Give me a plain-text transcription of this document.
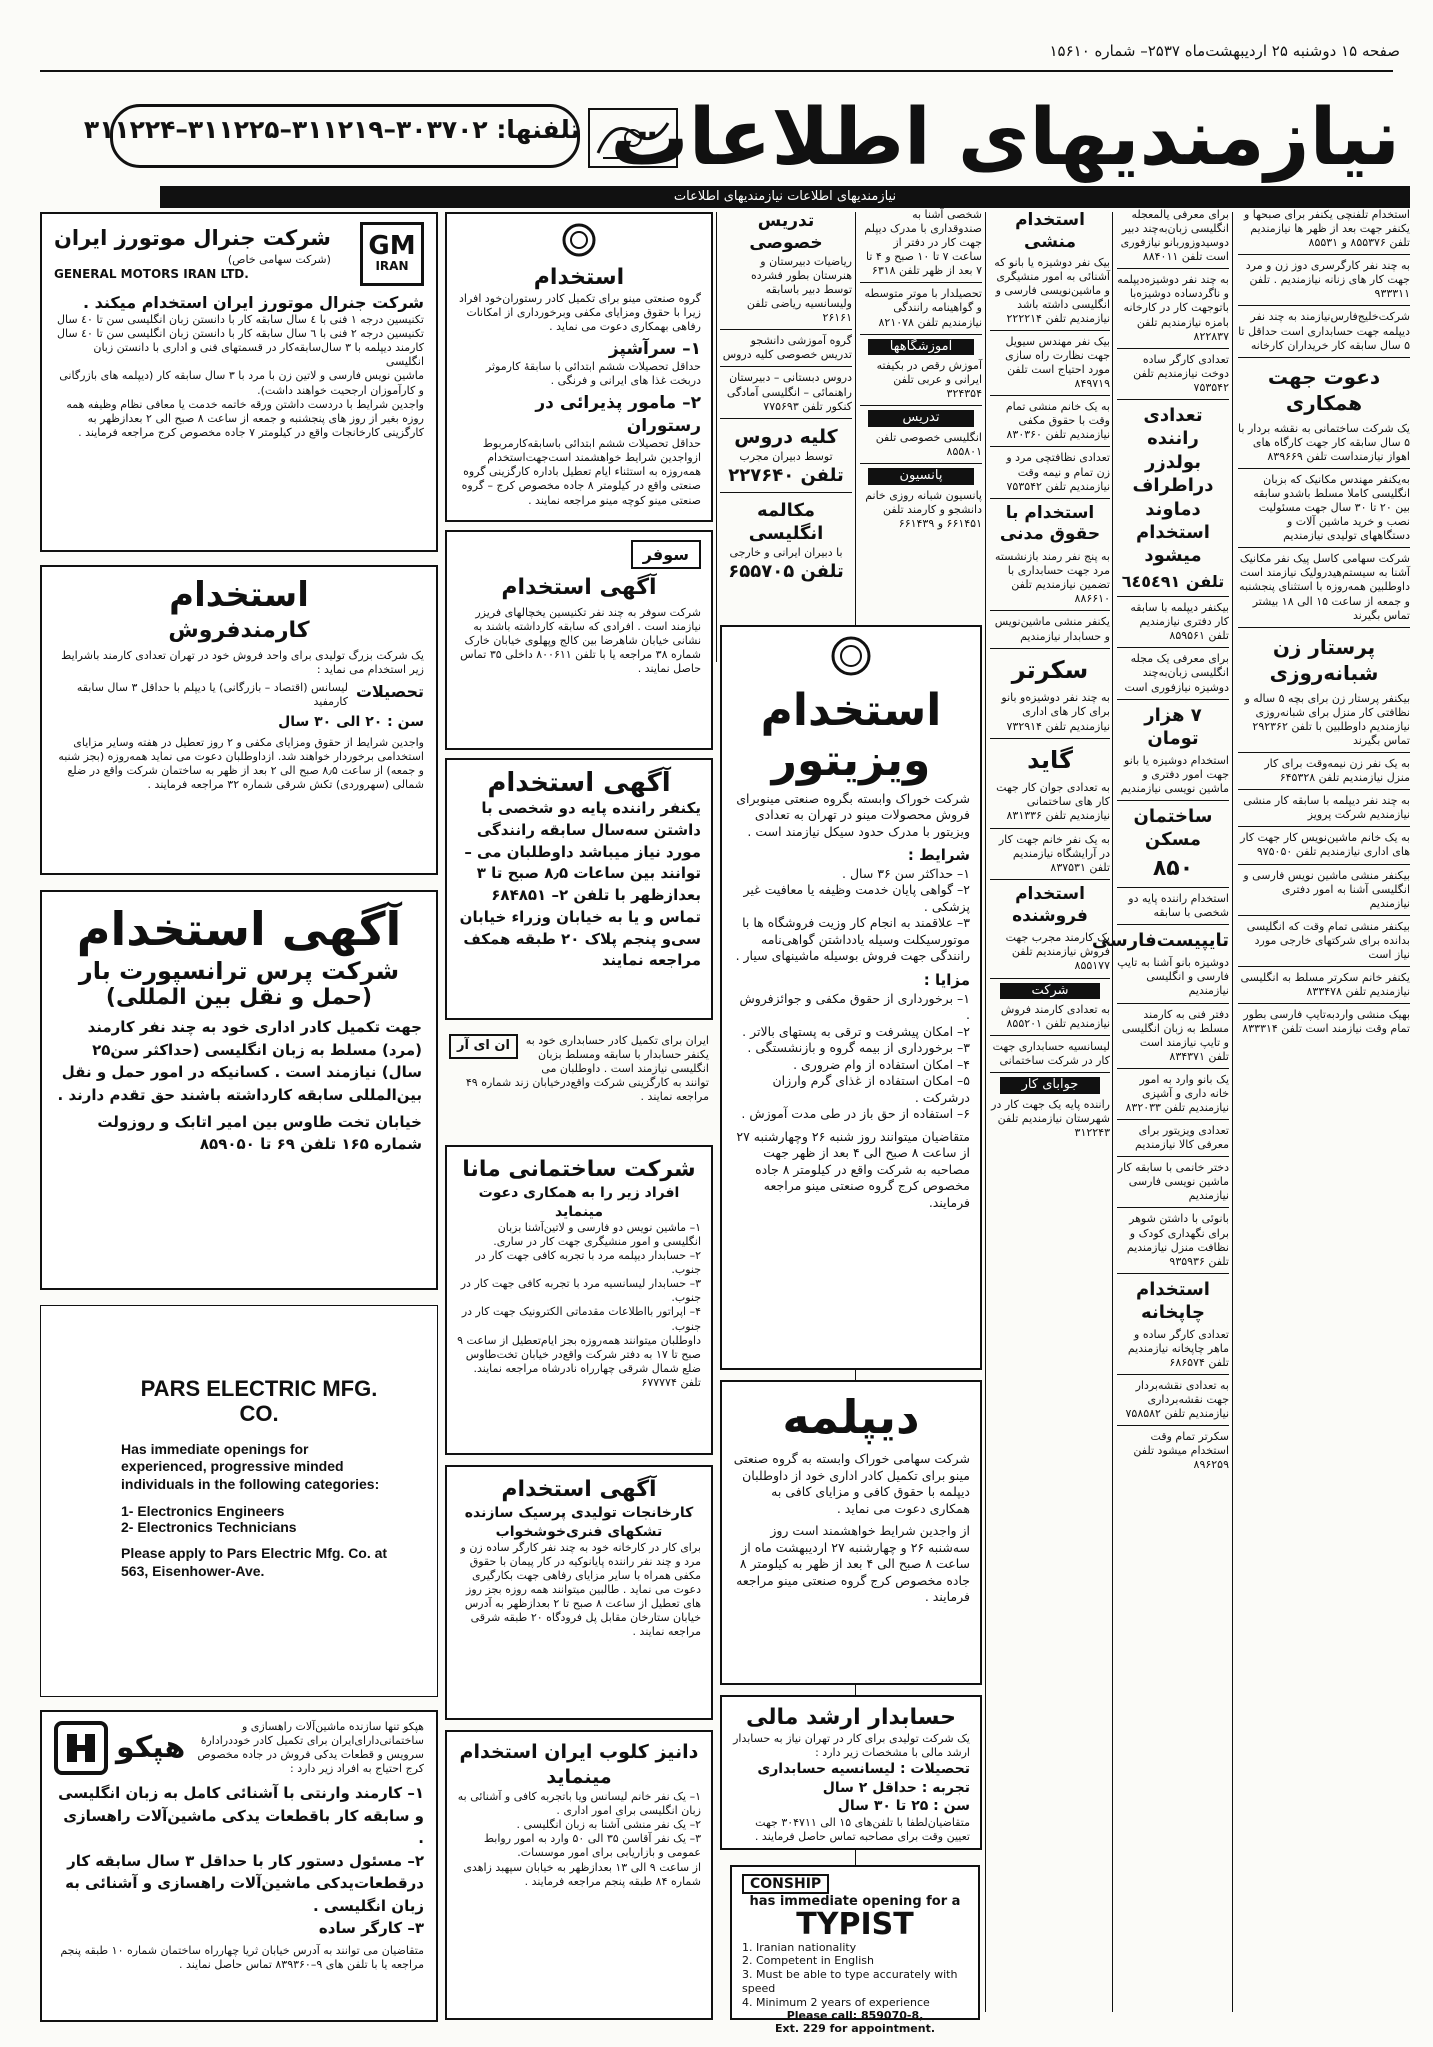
صفحه ۱۵ دوشنبه ۲۵ اردیبهشت‌ماه ۲۵۳۷– شماره ۱۵۶۱۰
نیازمندیهای اطلاعات
تلفنها: ۳۰۳۷۰۲–۳۱۱۲۱۹–۳۱۱۲۲۵–۳۱۱۲۲۴
نیازمندیهای اطلاعات نیازمندیهای اطلاعات

استخدام تلفنچی یکنفر برای صبحها و یکنفر جهت بعد از ظهر ها نیازمندیم تلفن ۸۵۵۳۷۶ و ۸۵۵۳۱

به چند نفر کارگرسری دوز زن و مرد جهت کار های زنانه نیازمندیم . تلفن ۹۳۳۳۱۱

شرکت‌خلیج‌فارس‌نیازمند به چند نفر دیپلمه جهت حسابداری است حداقل تا ۵ سال سابقه کار خریداران کارخانه

دعوت جهت همکاری

یک شرکت ساختمانی به نقشه بردار با ۵ سال سابقه کار جهت کارگاه های اهواز نیازمنداست تلفن ۸۳۹۶۶۹

به‌یکنفر مهندس مکانیک که بزبان انگلیسی کاملا مسلط باشدو سابقه بین ۲۰ تا ۳۰ سال جهت مسئولیت نصب و خرید ماشین آلات و دستگاههای تولیدی نیازمندیم

شرکت سهامی کاسل پیک نفر مکانیک آشنا به سیستم‌هیدرولیک نیازمند است داوطلبین همه‌روزه با استثنای پنجشنبه و جمعه از ساعت ۱۵ الی ۱۸ بیشتر تماس بگیرند

پرستار زن شبانه‌روزی

بیکنفر پرستار زن برای بچه ۵ ساله و نظافتی کار منزل برای شبانه‌روزی نیازمندیم داوطلبین با تلفن ۲۹۲۳۶۲ تماس بگیرند

به یک نفر زن نیمه‌وقت برای کار منزل نیازمندیم تلفن ۶۴۵۳۲۸

به چند نفر دیپلمه با سابقه کار منشی نیازمندیم شرکت پرویز

به یک خانم ماشین‌نویس کار جهت کار های اداری نیازمندیم تلفن ۹۷۵۰۵۰

بیکنفر منشی ماشین نویس فارسی و انگلیسی آشنا به امور دفتری نیازمندیم

بیکنفر منشی تمام وقت که انگلیسی بدانده برای شرکتهای خارجی مورد نیاز است

یکنفر خانم سکرتر مسلط به انگلیسی نیازمندیم تلفن ۸۳۳۴۷۸

بهیک منشی واردبه‌تایپ فارسی بطور تمام وقت نیازمند است تلفن ۸۳۳۳۱۴

برای معرفی یالمعجله انگلیسی زبان‌به‌چند دبیر دوسیدوزوربانو نیازفوری است تلفن ۸۸۴۰۱۱

به چند نفر دوشیزه‌دیپلمه و ناگردساده دوشیزه‌با باتوجهت کار در کارخانه بامزه نیازمندیم تلفن ۸۲۲۸۳۷

تعدادی کارگر ساده دوخت نیازمندیم تلفن ۷۵۳۵۴۲

تعدادی راننده بولدزر دراطراف دماوند استخدام میشود

تلفن ٦٤٥٤٩١

بیکنفر دیپلمه با سابقه کار دفتری نیازمندیم تلفن ۸۵۹۵۶۱

برای معرفی یک مجله انگلیسی زبان‌به‌چند دوشیزه نیازفوری است

۷ هزار تومان

استخدام دوشیزه یا بانو جهت امور دفتری و ماشین نویسی نیازمندیم

ساختمان مسکن

۸۵۰

استخدام راننده پایه دو شخصی با سابقه

تایپیست‌فارسی

دوشیزه بانو آشنا به تایپ فارسی و انگلیسی نیازمندیم

دفتر فنی به کارمند مسلط به زبان انگلیسی و تایپ نیازمند است تلفن ۸۳۴۳۷۱

یک بانو وارد به امور خانه داری و آشپزی نیازمندیم تلفن ۸۳۲۰۳۳

تعدادی ویزیتور برای معرفی کالا نیازمندیم

دختر خانمی با سابقه کار ماشین نویسی فارسی نیازمندیم

بانوئی با داشتن شوهر برای نگهداری کودک و نظافت منزل نیازمندیم تلفن ۹۳۵۹۳۶

استخدام چاپخانه

تعدادی کارگر ساده و ماهر چاپخانه نیازمندیم تلفن ۶۸۶۵۷۴

به تعدادی نقشه‌بردار جهت نقشه‌برداری نیازمندیم تلفن ۷۵۸۵۸۲

سکرتر تمام وقت استخدام میشود تلفن ۸۹۶۲۵۹

استخدام منشی

بیک نفر دوشیزه یا بانو که آشنائی به امور منشیگری و ماشین‌نویسی فارسی و انگلیسی داشته باشد نیازمندیم تلفن ۲۲۲۲۱۴

بیک نفر مهندس سیویل جهت نظارت راه سازی مورد احتیاج است تلفن ۸۴۹۷۱۹

به یک خانم منشی تمام وقت با حقوق مکفی نیازمندیم تلفن ۸۳۰۳۶۰

تعدادی نظافتچی مرد و زن تمام و نیمه وقت نیازمندیم تلفن ۷۵۳۵۴۲

استخدام با حقوق مدنی

به پنج نفر رمند بازنشسته مرد جهت حسابداری با تضمین نیازمندیم تلفن ۸۸۶۶۱۰

یکنفر منشی ماشین‌نویس و حسابدار نیازمندیم

سکرتر

به چند نفر دوشیزه‌و بانو برای کار های اداری نیازمندیم تلفن ۷۳۲۹۱۴

گاید

به تعدادی جوان کار جهت کار های ساختمانی نیازمندیم تلفن ۸۳۱۳۳۶

به یک نفر خانم جهت کار در آرایشگاه نیازمندیم تلفن ۸۳۷۵۳۱

استخدام فروشنده

یک کارمند مجرب جهت فروش نیازمندیم تلفن ۸۵۵۱۷۷

شرکت

به تعدادی کارمند فروش نیازمندیم تلفن ۸۵۵۲۰۱

لیسانسیه حسابداری جهت کار در شرکت ساختمانی

جوابای کار

راننده پایه یک جهت کار در شهرستان نیازمندیم تلفن ۳۱۲۲۴۳

شخصی آشنا به صندوقداری با مدرک دیپلم جهت کار در دفتر از ساعت ۷ تا ۱۰ صبح و ۴ تا ۷ بعد از ظهر تلفن ۶۳۱۸

تحصیلدار با موتر متوسطه و گواهینامه رانندگی نیازمندیم تلفن ۸۲۱۰۷۸

آموزشگاهها

آموزش رقص در بکیفته ایرانی و عربی تلفن ۳۲۴۳۵۴

تدریس

انگلیسی خصوصی تلفن ۸۵۵۸۰۱

پانسیون

پانسیون شبانه روزی خانم دانشجو و کارمند تلفن ۶۶۱۴۵۱ و ۶۶۱۴۳۹

تدریس خصوصی

ریاضیات دبیرستان و هنرستان بطور فشرده توسط دبیر باسابقه ولیسانسیه ریاضی تلفن ۲۶۱۶۱

گروه آموزشی دانشجو تدریس خصوصی کلیه دروس

دروس دبستانی – دبیرستان راهنمائی – انگلیسی آمادگی کنکور تلفن ۷۷۵۶۹۳

کلیه دروس

توسط دبیران مجرب

تلفن ۲۲۷۶۴۰

مکالمه انگلیسی

با دبیران ایرانی و خارجی

تلفن ۶۵۵۷۰۵

استخدام ویزیتور

شرکت خوراک وابسته بگروه صنعتی مینوبرای فروش محصولات مینو در تهران به تعدادی ویزیتور با مدرک حدود سیکل نیازمند است .

شرایط :

۱– حداکثر سن ۳۶ سال .
۲– گواهی پایان خدمت وظیفه یا معافیت غیر پزشکی .
۳– علاقمند به انجام کار وزیت فروشگاه ها با موتورسیکلت وسیله یادداشتن گواهی‌نامه رانندگی جهت فروش بوسیله ماشینهای سیار .

مزایا :

۱– برخورداری از حقوق مکفی و جوائزفروش .
۲– امکان پیشرفت و ترقی به پستهای بالاتر .
۳– برخورداری از بیمه گروه و بازنشستگی .
۴– امکان استفاده از وام ضروری .
۵– امکان استفاده از غذای گرم وارزان درشرکت .
۶– استفاده از حق باز در طی مدت آموزش .

متقاضیان میتوانند روز شنبه ۲۶ وچهارشنبه ۲۷ از ساعت ۸ صبح الی ۴ بعد از ظهر جهت مصاحبه به شرکت واقع در کیلومتر ۸ جاده مخصوص کرج گروه صنعتی مینو مراجعه فرمایند.

دیپلمه

شرکت سهامی خوراک وابسته به گروه صنعتی مینو برای تکمیل کادر اداری خود از داوطلبان دیپلمه با حقوق کافی و مزایای کافی به همکاری دعوت می نماید .

از واجدین شرایط خواهشمند است روز سه‌شنبه ۲۶ و چهارشنبه ۲۷ اردیبهشت ماه از ساعت ۸ صبح الی ۴ بعد از ظهر به کیلومتر ۸ جاده مخصوص کرج گروه صنعتی مینو مراجعه فرمایند .

حسابدار ارشد مالی

یک شرکت تولیدی برای کار در تهران نیاز به حسابدار ارشد مالی با مشخصات زیر دارد :

تحصیلات : لیسانسیه حسابداری

تجربه : حداقل ۲ سال

سن : ۲۵ تا ۳۰ سال

متقاضیان‌لطفا با تلفن‌های ۱۵ الی ۳۰۴۷۱۱ جهت تعیین وقت برای مصاحبه تماس حاصل فرمایند .

CONSHIP

has immediate opening for a

TYPIST

1. Iranian nationality
2. Competent in English
3. Must be able to type accurately with speed
4. Minimum 2 years of experience

Please call: 859070-8,

Ext. 229 for appointment.

استخدام

گروه صنعتی مینو برای تکمیل کادر رستوران‌خود افراد زیرا با حقوق ومزایای مکفی وبرخورداری از امکانات رفاهی بهمکاری دعوت می نماید .

۱– سرآشپز

حداقل تحصیلات ششم ابتدائی با سابقهٔ کارموثر دربخت غذا های ایرانی و فرنگی .

۲– مامور پذیرائی در رستوران

حداقل تحصیلات ششم ابتدائی باسابقه‌کارمربوط

ازواجدین شرایط خواهشمند است‌جهت‌استخدام همه‌روزه به استثناء ایام تعطیل باداره کارگزینی گروه صنعتی واقع در کیلومتر ۸ جاده مخصوص کرج – گروه صنعتی مینو کوچه مینو مراجعه نمایند .

سوفر

آگهی استخدام

شرکت سوفر به چند نفر تکنیسین یخچالهای فریزر نیازمند است . افرادی که سابقه کارداشته باشند به نشانی خیابان شاهرضا بین کالج وپهلوی خیابان خارک شماره ۳۸ مراجعه یا با تلفن ۸۰۰۶۱۱ داخلی ۳۵ تماس حاصل نمایند .

آگهی استخدام

یکنفر راننده پایه دو شخصی با داشتن سه‌سال سابقه رانندگی مورد نیاز میباشد داوطلبان می – توانند بین ساعات ۸٫۵ صبح تا ۳ بعدازظهر با تلفن ۲– ۶۸۴۸۵۱ تماس و یا به خیابان وزراء خیابان سی‌و پنجم پلاک ۲۰ طبقه همکف مراجعه نمایند

ان ای آر	ایران برای تکمیل کادر حسابداری خود به یکنفر حسابدار با سابقه ومسلط بزبان انگلیسی نیازمند است . داوطلبان می توانند به کارگزینی شرکت واقع‌درخیابان زند شماره ۴۹ مراجعه نمایند .

شرکت ساختمانی مانا

افراد زیر را به همکاری دعوت مینماید

۱– ماشین نویس دو فارسی و لاتین‌آشنا بزبان انگلیسی و امور منشیگری جهت کار در ساری.
۲– حسابدار دیپلمه مرد با تجربه کافی جهت کار در جنوب.
۳– حسابدار لیسانسیه مرد با تجربه کافی جهت کار در جنوب.
۴– اپراتور بااطلاعات مقدماتی الکترونیک جهت کار در جنوب.

داوطلبان میتوانند همه‌روزه بجز ایام‌تعطیل از ساعت ۹ صبح تا ۱۷ به دفتر شرکت واقع‌در خیابان تخت‌طاوس ضلع شمال شرقی چهارراه نادرشاه مراجعه نمایند. تلفن ۶۷۷۷۷۴

آگهی استخدام

کارخانجات تولیدی پرسیک سازنده تشکهای فنری‌خوشخواب

برای کار در کارخانه خود به چند نفر کارگر ساده زن و مرد و چند نفر راننده پایانوکیه در کار پیمان با حقوق مکفی همراه با سایر مزایای رفاهی جهت بکارگیری دعوت می نماید . طالبین میتوانند همه روزه بجز روز های تعطیل از ساعت ۸ صبح تا ۲ بعدازظهر به آدرس خیابان ستارخان مقابل پل فرودگاه ۲۰ طبقه شرقی مراجعه نمایند .

دانیز کلوب ایران استخدام مینماید

۱– یک نفر خانم لیسانس ویا باتجربه کافی و آشنائی به زبان انگلیسی برای امور اداری .
۲– یک نفر منشی آشنا به زبان انگلیسی .
۳– یک نفر آقاسن ۳۵ الی ۵۰ وارد به امور روابط عمومی و بازاریابی برای امور موسسات.

از ساعت ۹ الی ۱۳ بعدازظهر به خیابان سپهبد زاهدی شماره ۸۴ طبقه پنجم مراجعه فرمایند .

GM
IRAN

شرکت جنرال موتورز ایران

(شرکت سهامی خاص)

GENERAL MOTORS IRAN LTD.

شرکت جنرال موتورز ایران استخدام میکند .

تکنیسین درجه ۱ فنی با ٤ سال سابقه کار با دانستن زبان انگلیسی سن تا ٤٠ سال
تکنیسین درجه ۲ فنی با ٦ سال سابقه کار با دانستن زبان انگلیسی سن تا ٤٠ سال
کارمند دیپلمه با ۳ سال‌سابقه‌کار در قسمتهای فنی و اداری با دانستن زبان انگلیسی
ماشین نویس فارسی و لاتین زن با مرد با ۳ سال سابقه کار (دیپلمه های بازرگانی و کارآموزان ارجحیت خواهند داشت).
واجدین شرایط با دردست داشتن ورقه خاتمه خدمت یا معافی نظام وظیفه همه روزه بغیر از روز های پنجشنبه و جمعه از ساعت ۸ صبح الی ۲ بعدازظهر به کارگزینی کارخانجات واقع در کیلومتر ۷ جاده مخصوص کرج مراجعه فرمایند .

استخدام

کارمندفروش

یک شرکت بزرگ تولیدی برای واحد فروش خود در تهران تعدادی کارمند باشرایط زیر استخدام می نماید :

تحصیلات

لیسانس (اقتصاد – بازرگانی) یا دیپلم با حداقل ۳ سال سابقه کارمفید

سن : ۲۰ الی ۳۰ سال

واجدین شرایط از حقوق ومزایای مکفی و ۲ روز تعطیل در هفته وسایر مزایای استخدامی برخوردار خواهند شد. ازداوطلبان دعوت می نماید همه‌روزه (بجز شنبه و جمعه) از ساعت ۸٫۵ صبح الی ۲ بعد از ظهر به ساختمان شرکت واقع در ضلع شمالی (سهروردی) تکش شرقی شماره ۳۲ مراجعه فرمایند .

آگهی استخدام

شرکت پرس ترانسپورت بار

(حمل و نقل بین المللی)

جهت تکمیل کادر اداری خود به چند نفر کارمند (مرد) مسلط به زبان انگلیسی (حداکثر سن۲۵ سال) نیازمند است . کسانیکه در امور حمل و نقل بین‌المللی سابقه کارداشته باشند حق تقدم دارند .

خیابان تخت طاوس بین امیر اتابک و روزولت شماره ۱۶۵ تلفن ۶۹ تا ۸۵۹۰۵۰

PARS ELECTRIC MFG. CO.

Has immediate openings for experienced, progressive minded individuals in the following categories:

1- Electronics Engineers
2- Electronics Technicians

Please apply to Pars Electric Mfg. Co. at 563, Eisenhower-Ave.

هپکو تنها سازنده ماشین‌آلات راهسازی و ساختمانی‌دارای‌ایران برای تکمیل کادر خوددرادارهٔ سرویس و قطعات یدکی فروش در جاده مخصوص کرج احتیاج به افراد زیر دارد :

هپکو

۱– کارمند وارنتی با آشنائی کامل به زبان انگلیسی و سابقه کار باقطعات یدکی ماشین‌آلات راهسازی .
۲– مسئول دستور کار با حداقل ۳ سال سابقه کار درقطعات‌یدکی ماشین‌آلات راهسازی و آشنائی به زبان انگلیسی .
۳– کارگر ساده

متقاضیان می توانند به آدرس خیابان ثریا چهارراه ساختمان شماره ۱۰ طبقه پنجم مراجعه یا با تلفن های ۹–۸۳۹۳۶۰ تماس حاصل نمایند .
